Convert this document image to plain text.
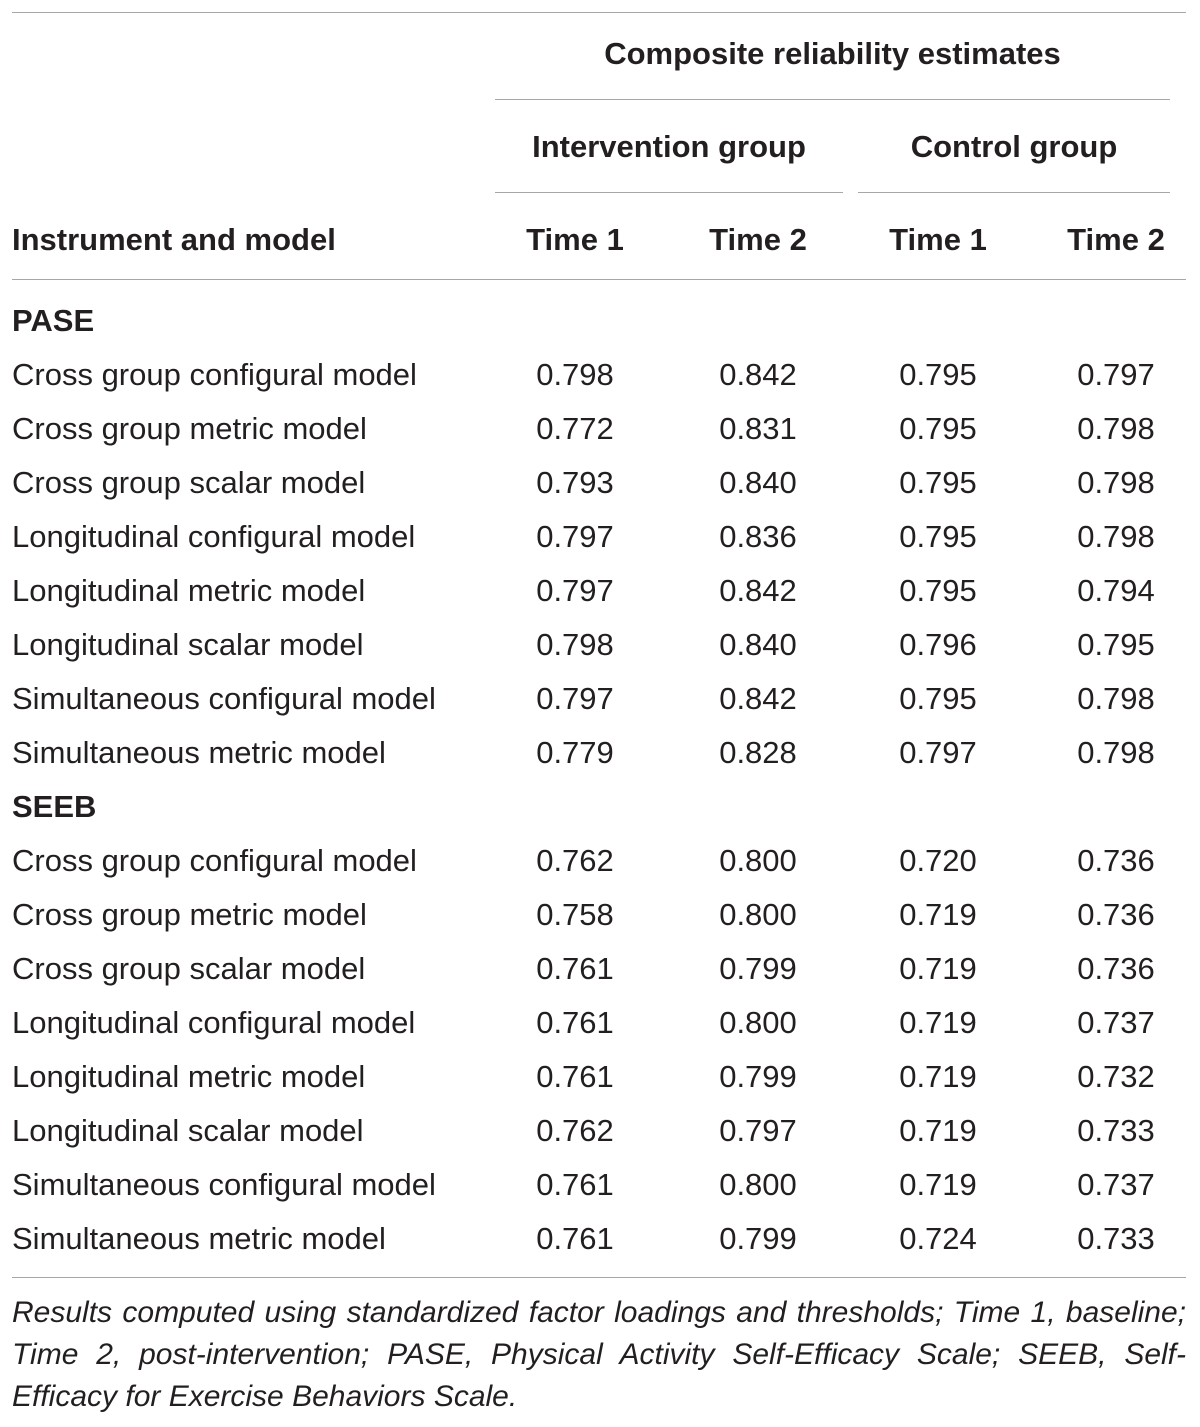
Composite reliability estimates
Intervention group	Control group
Instrument and model	Time 1	Time 2	Time 1	Time 2
PASE
Cross group configural model	0.798	0.842	0.795	0.797
Cross group metric model	0.772	0.831	0.795	0.798
Cross group scalar model	0.793	0.840	0.795	0.798
Longitudinal configural model	0.797	0.836	0.795	0.798
Longitudinal metric model	0.797	0.842	0.795	0.794
Longitudinal scalar model	0.798	0.840	0.796	0.795
Simultaneous configural model	0.797	0.842	0.795	0.798
Simultaneous metric model	0.779	0.828	0.797	0.798
SEEB
Cross group configural model	0.762	0.800	0.720	0.736
Cross group metric model	0.758	0.800	0.719	0.736
Cross group scalar model	0.761	0.799	0.719	0.736
Longitudinal configural model	0.761	0.800	0.719	0.737
Longitudinal metric model	0.761	0.799	0.719	0.732
Longitudinal scalar model	0.762	0.797	0.719	0.733
Simultaneous configural model	0.761	0.800	0.719	0.737
Simultaneous metric model	0.761	0.799	0.724	0.733
Results computed using standardized factor loadings and thresholds; Time 1, baseline; Time 2, post-intervention; PASE, Physical Activity Self-Efficacy Scale; SEEB, Self-Efficacy for Exercise Behaviors Scale.
